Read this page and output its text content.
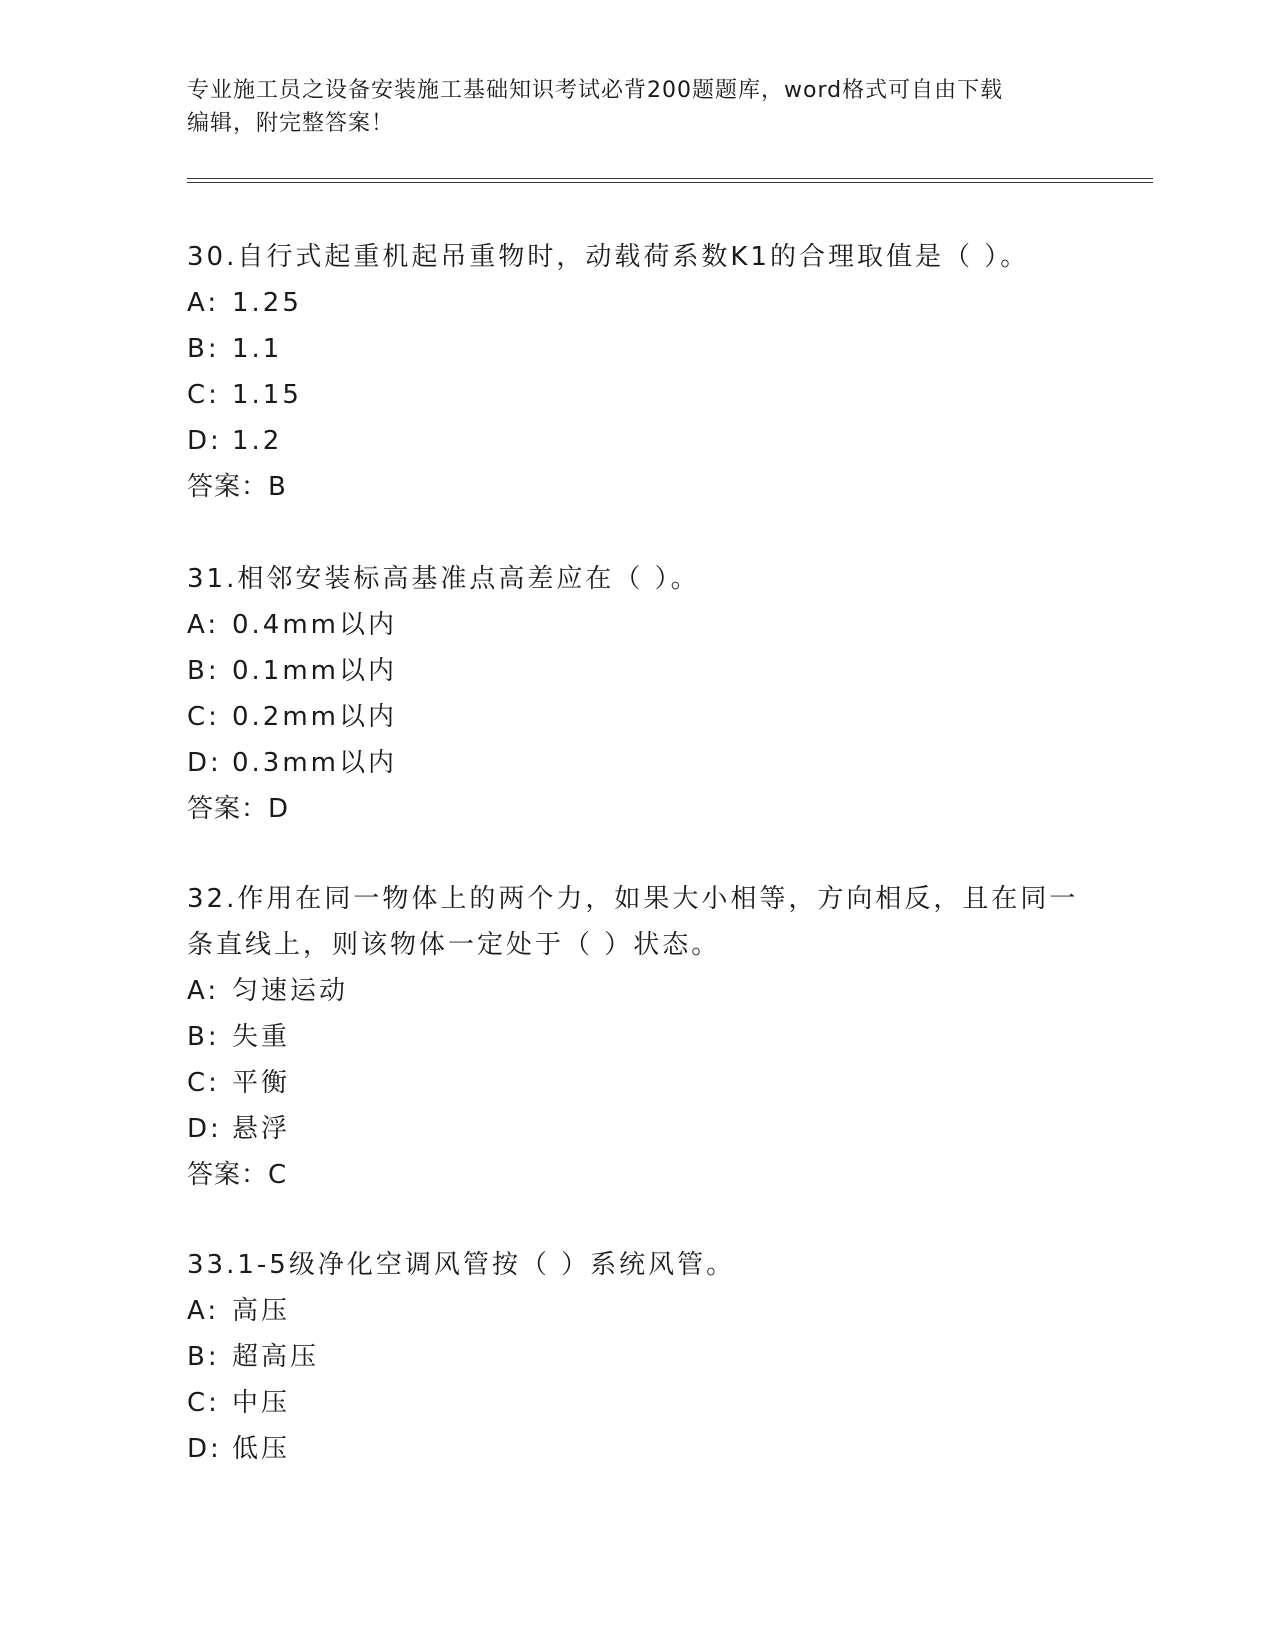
专业施工员之设备安装施工基础知识考试必背200题题库，word格式可自由下载
编辑，附完整答案！

30.自行式起重机起吊重物时，动载荷系数K1的合理取值是（ ）。

A: 1.25

B: 1.1

C: 1.15

D: 1.2

答案：B

31.相邻安装标高基准点高差应在（ ）。

A: 0.4mm以内

B: 0.1mm以内

C: 0.2mm以内

D: 0.3mm以内

答案：D

32.作用在同一物体上的两个力，如果大小相等，方向相反，且在同一

条直线上，则该物体一定处于（ ）状态。

A: 匀速运动

B: 失重

C: 平衡

D: 悬浮

答案：C

33.1-5级净化空调风管按（ ）系统风管。

A: 高压

B: 超高压

C: 中压

D: 低压
